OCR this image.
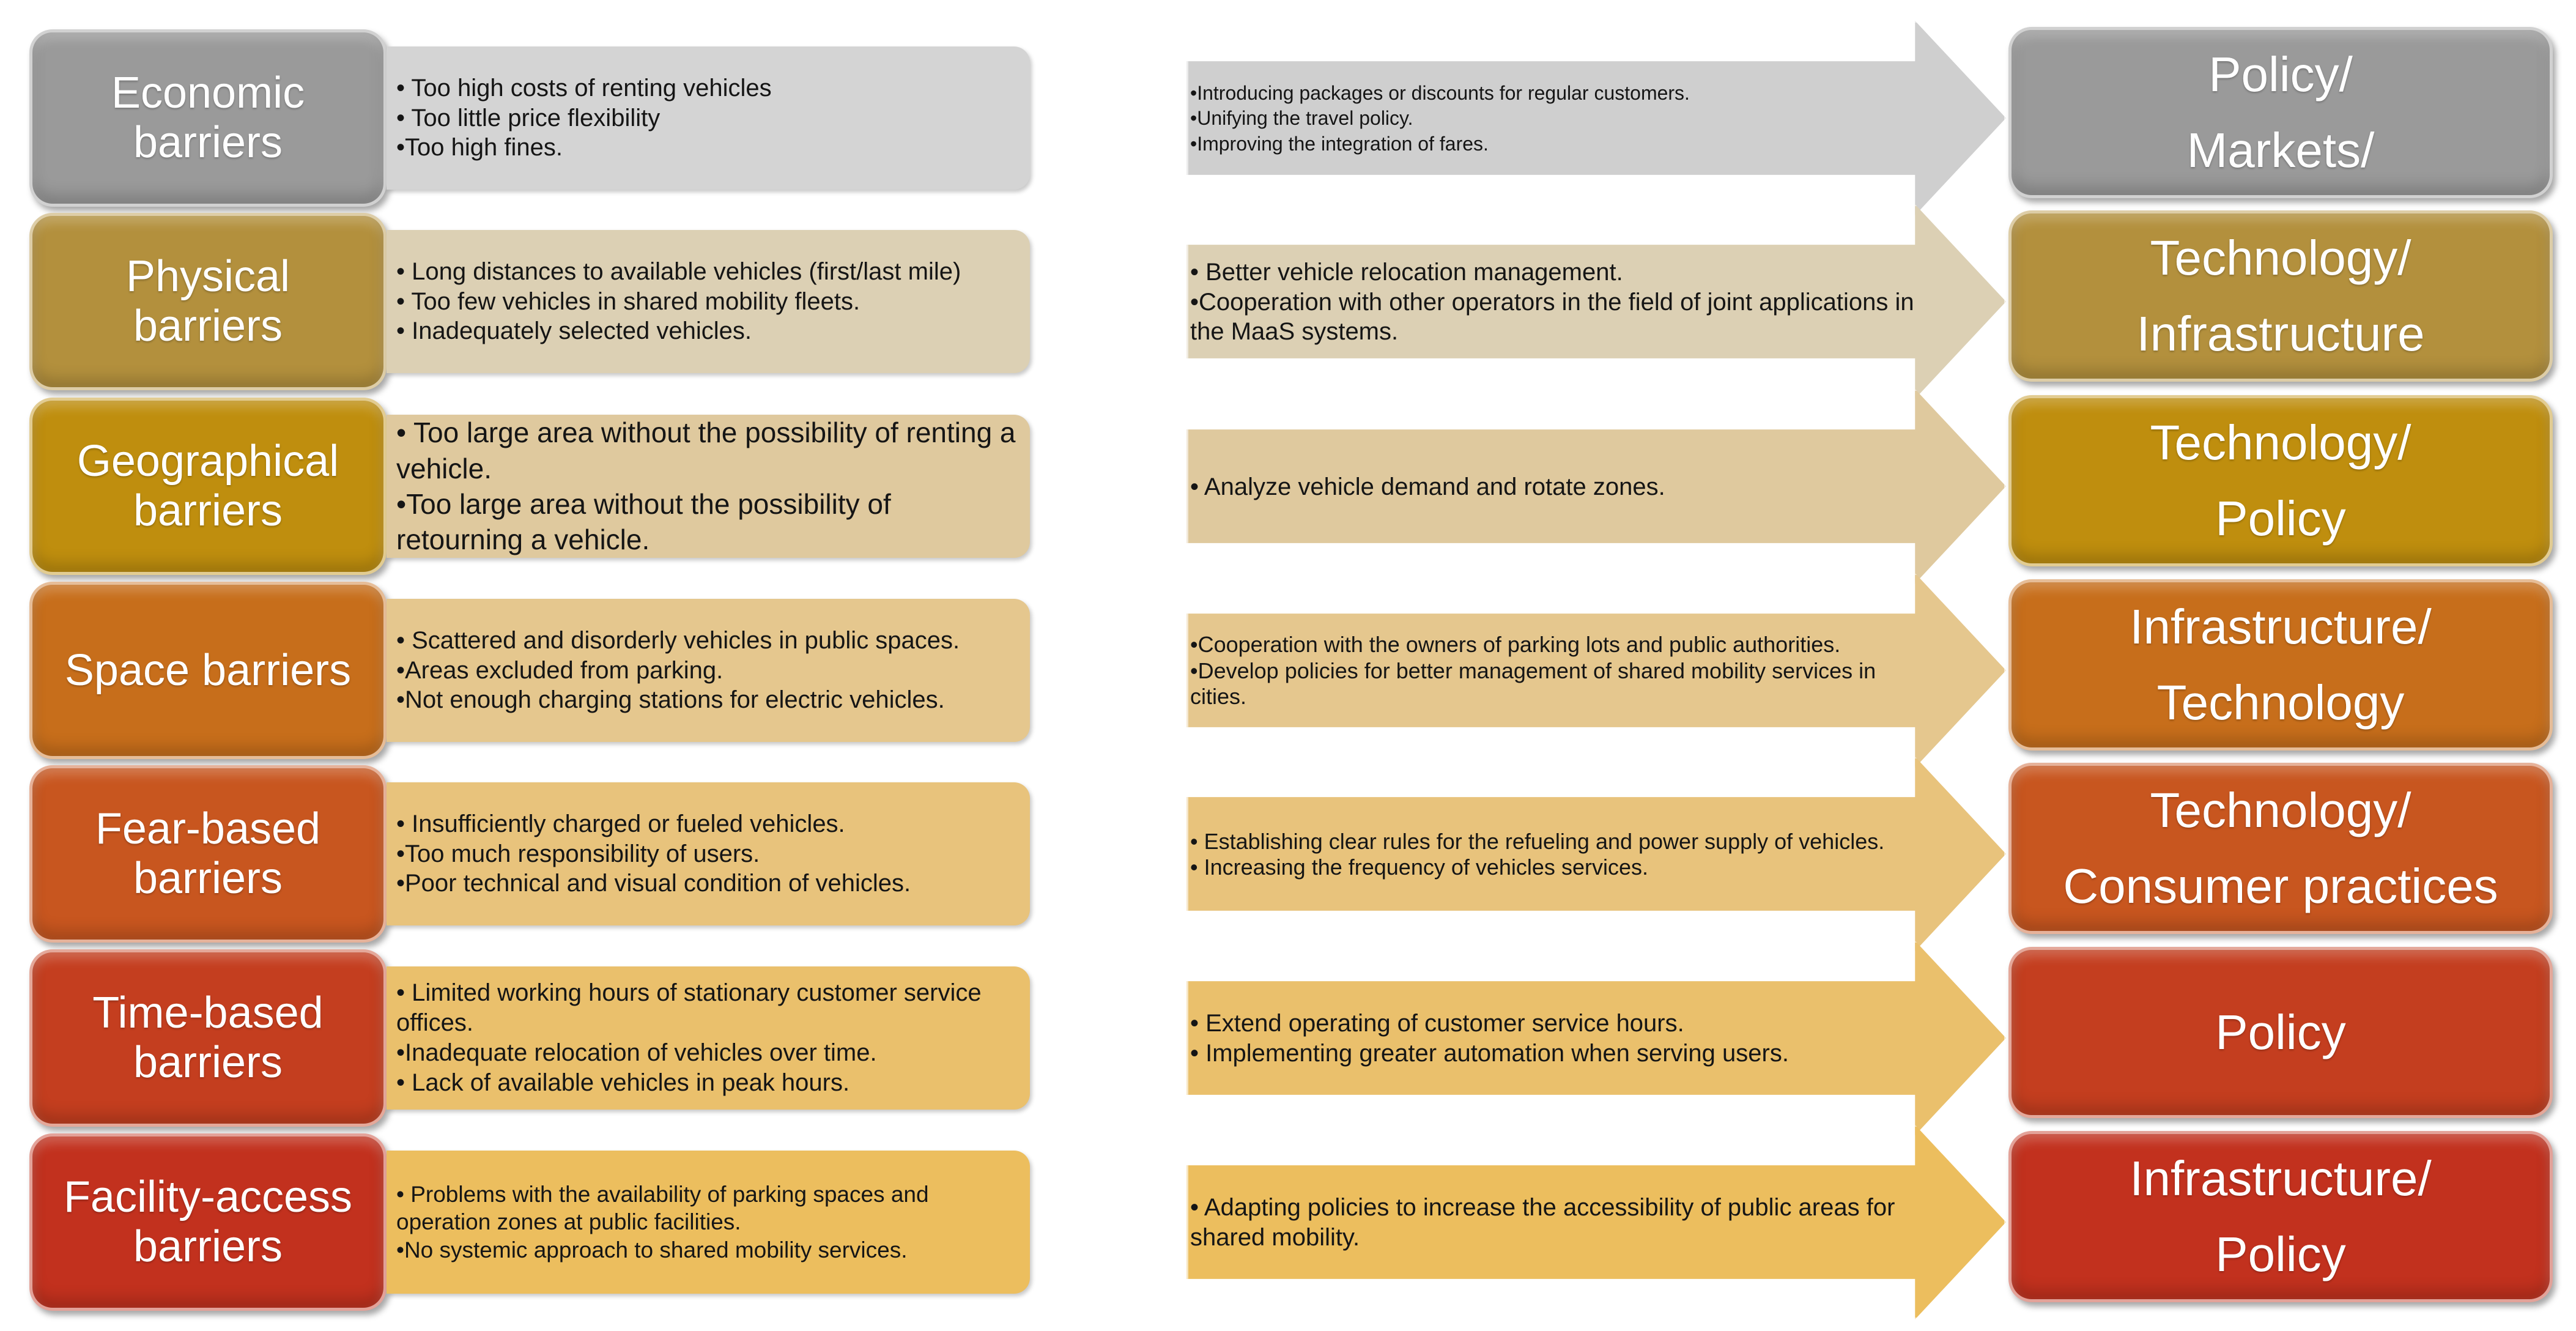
Economic
barriers

• Too high costs of renting vehicles

• Too little price flexibility

•Too high fines.

•Introducing packages or discounts for regular customers.

•Unifying the travel policy.

•Improving the integration of fares.

Policy/
Markets/
Physical
barriers

• Long distances to available vehicles (first/last mile)

• Too few vehicles in shared mobility fleets.

• Inadequately selected vehicles.

• Better vehicle relocation management.

•Cooperation with other operators in the field of joint applications in the MaaS systems.

Technology/
Infrastructure
Geographical
barriers

• Too large area without the possibility of renting a vehicle.

•Too large area without the possibility of retourning a vehicle.

• Analyze vehicle demand and rotate zones.

Technology/
Policy
Space barriers

• Scattered and disorderly vehicles in public spaces.

•Areas excluded from parking.

•Not enough charging stations for electric vehicles.

•Cooperation with the owners of parking lots and public authorities.

•Develop policies for better management of shared mobility services in cities.

Infrastructure/
Technology
Fear-based
barriers

• Insufficiently charged or fueled vehicles.

•Too much responsibility of users.

•Poor technical and visual condition of vehicles.

• Establishing clear rules for the refueling and power supply of vehicles.

• Increasing the frequency of vehicles services.

Technology/
Consumer practices
Time-based
barriers

• Limited working hours of stationary customer service offices.

•Inadequate relocation of vehicles over time.

• Lack of available vehicles in peak hours.

• Extend operating of customer service hours.

• Implementing greater automation when serving users.	Policy
Facility-access
barriers

• Problems with the availability of parking spaces and operation zones at public facilities.

•No systemic approach to shared mobility services.

• Adapting policies to increase the accessibility of public areas for shared mobility.

Infrastructure/
Policy
